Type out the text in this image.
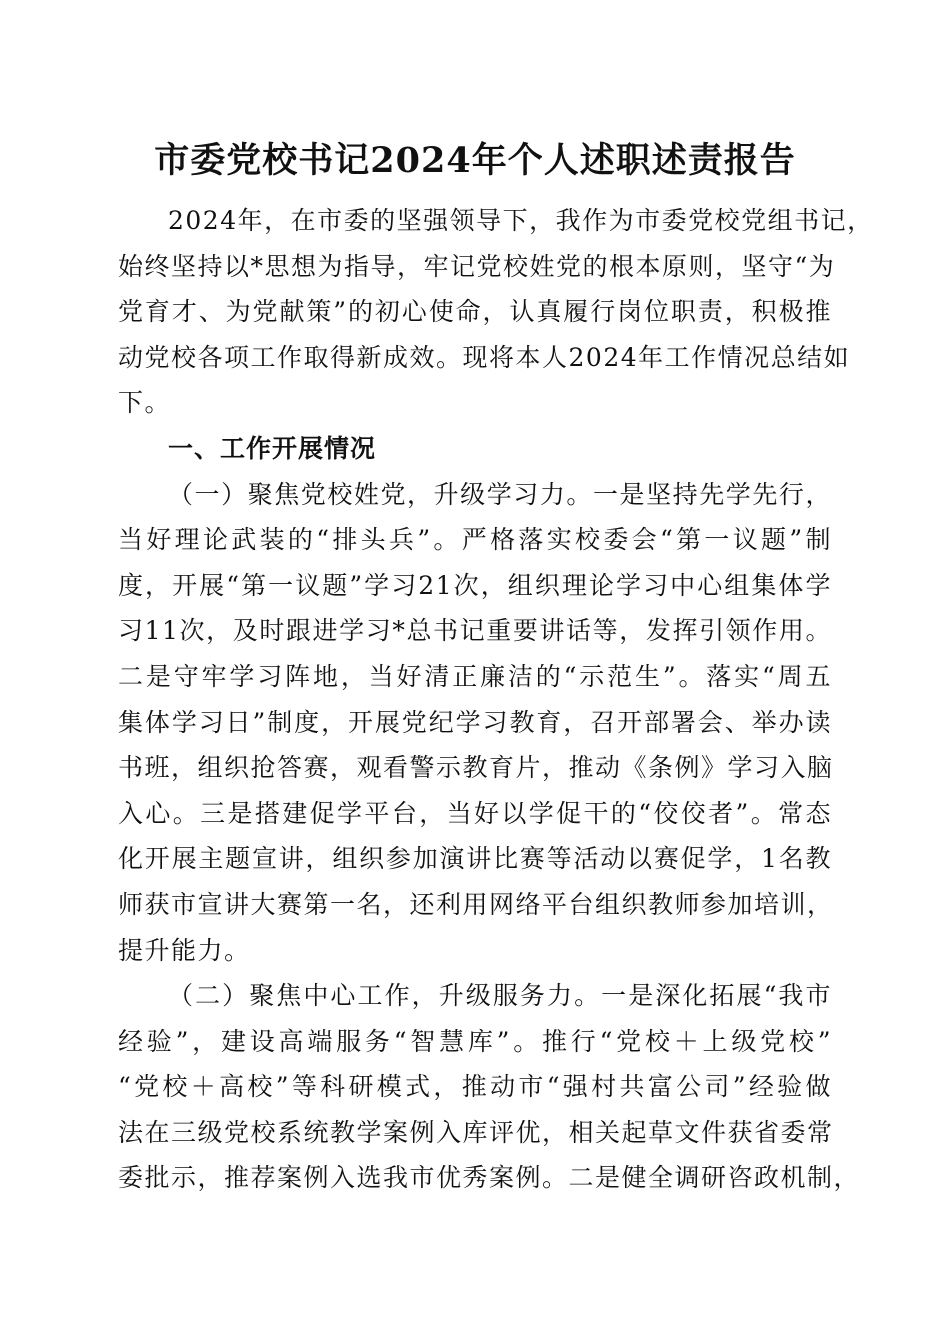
市委党校书记2024年个人述职述责报告
2024年，在市委的坚强领导下，我作为市委党校党组书记，
始终坚持以*思想为指导，牢记党校姓党的根本原则，坚守“为
党育才、为党献策”的初心使命，认真履行岗位职责，积极推
动党校各项工作取得新成效。现将本人2024年工作情况总结如
下。
一、工作开展情况
（一）聚焦党校姓党，升级学习力。一是坚持先学先行，
当好理论武装的“排头兵”。严格落实校委会“第一议题”制
度，开展“第一议题”学习21次，组织理论学习中心组集体学
习11次，及时跟进学习*总书记重要讲话等，发挥引领作用。
二是守牢学习阵地，当好清正廉洁的“示范生”。落实“周五
集体学习日”制度，开展党纪学习教育，召开部署会、举办读
书班，组织抢答赛，观看警示教育片，推动《条例》学习入脑
入心。三是搭建促学平台，当好以学促干的“佼佼者”。常态
化开展主题宣讲，组织参加演讲比赛等活动以赛促学，1名教
师获市宣讲大赛第一名，还利用网络平台组织教师参加培训，
提升能力。
（二）聚焦中心工作，升级服务力。一是深化拓展“我市
经验”，建设高端服务“智慧库”。推行“党校＋上级党校”
“党校＋高校”等科研模式，推动市“强村共富公司”经验做
法在三级党校系统教学案例入库评优，相关起草文件获省委常
委批示，推荐案例入选我市优秀案例。二是健全调研咨政机制，
